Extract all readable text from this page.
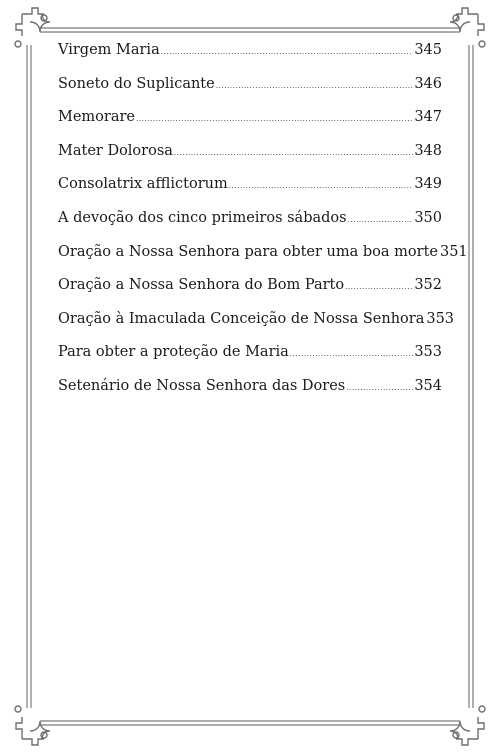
Virgem Maria .....	345
Soneto do Suplicante .....	346
Memorare .....	347
Mater Dolorosa .....	348
Consolatrix afflictorum .....	349
A devoção dos cinco primeiros sábados .....	350
Oração a Nossa Senhora para obter uma boa morte 351
Oração a Nossa Senhora do Bom Parto .....	352
Oração à Imaculada Conceição de Nossa Senhora 353
Para obter a proteção de Maria .....	353
Setenário de Nossa Senhora das Dores .....	354
